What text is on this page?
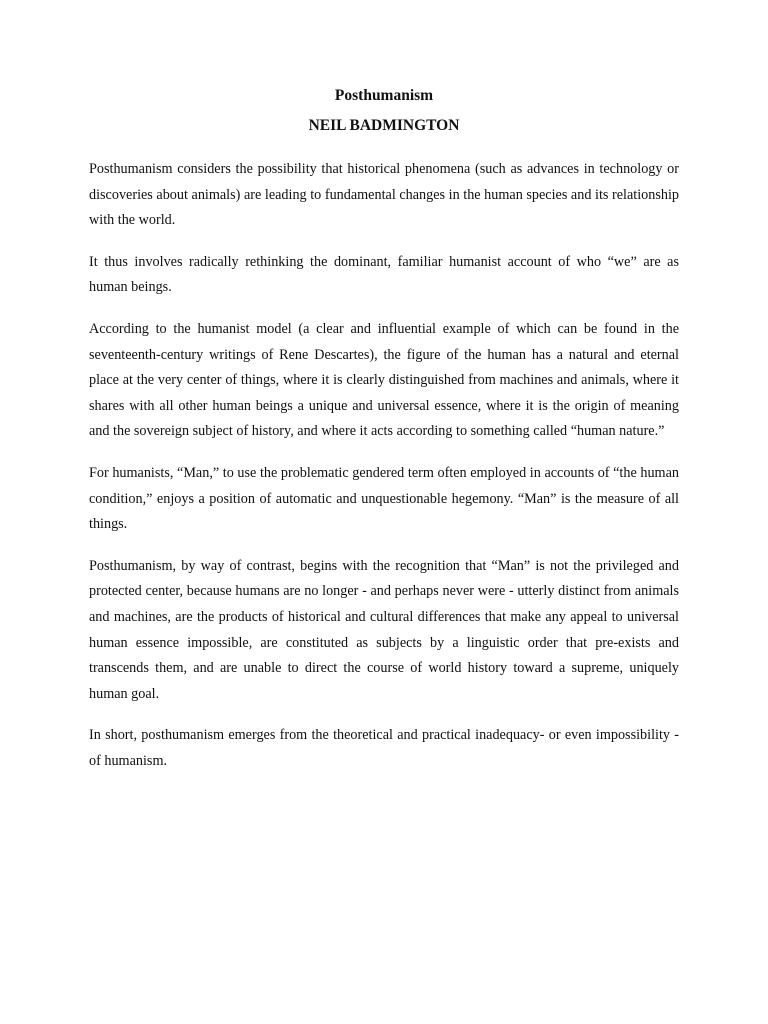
Posthumanism
NEIL BADMINGTON

Posthumanism considers the possibility that historical phenomena (such as advances in technology or discoveries about animals) are leading to fundamental changes in the human species and its relationship with the world.

It thus involves radically rethinking the dominant, familiar humanist account of who “we” are as human beings.

According to the humanist model (a clear and influential example of which can be found in the seventeenth-century writings of Rene Descartes), the figure of the human has a natural and eternal place at the very center of things, where it is clearly distinguished from machines and animals, where it shares with all other human beings a unique and universal essence, where it is the origin of meaning and the sovereign subject of history, and where it acts according to something called “human nature.”

For humanists, “Man,” to use the problematic gendered term often employed in accounts of “the human condition,” enjoys a position of automatic and unquestionable hegemony. “Man” is the measure of all things.

Posthumanism, by way of contrast, begins with the recognition that “Man” is not the privileged and protected center, because humans are no longer - and perhaps never were - utterly distinct from animals and machines, are the products of historical and cultural differences that make any appeal to universal human essence impossible, are constituted as subjects by a linguistic order that pre-exists and transcends them, and are unable to direct the course of world history toward a supreme, uniquely human goal.

In short, posthumanism emerges from the theoretical and practical inadequacy- or even impossibility - of humanism.
